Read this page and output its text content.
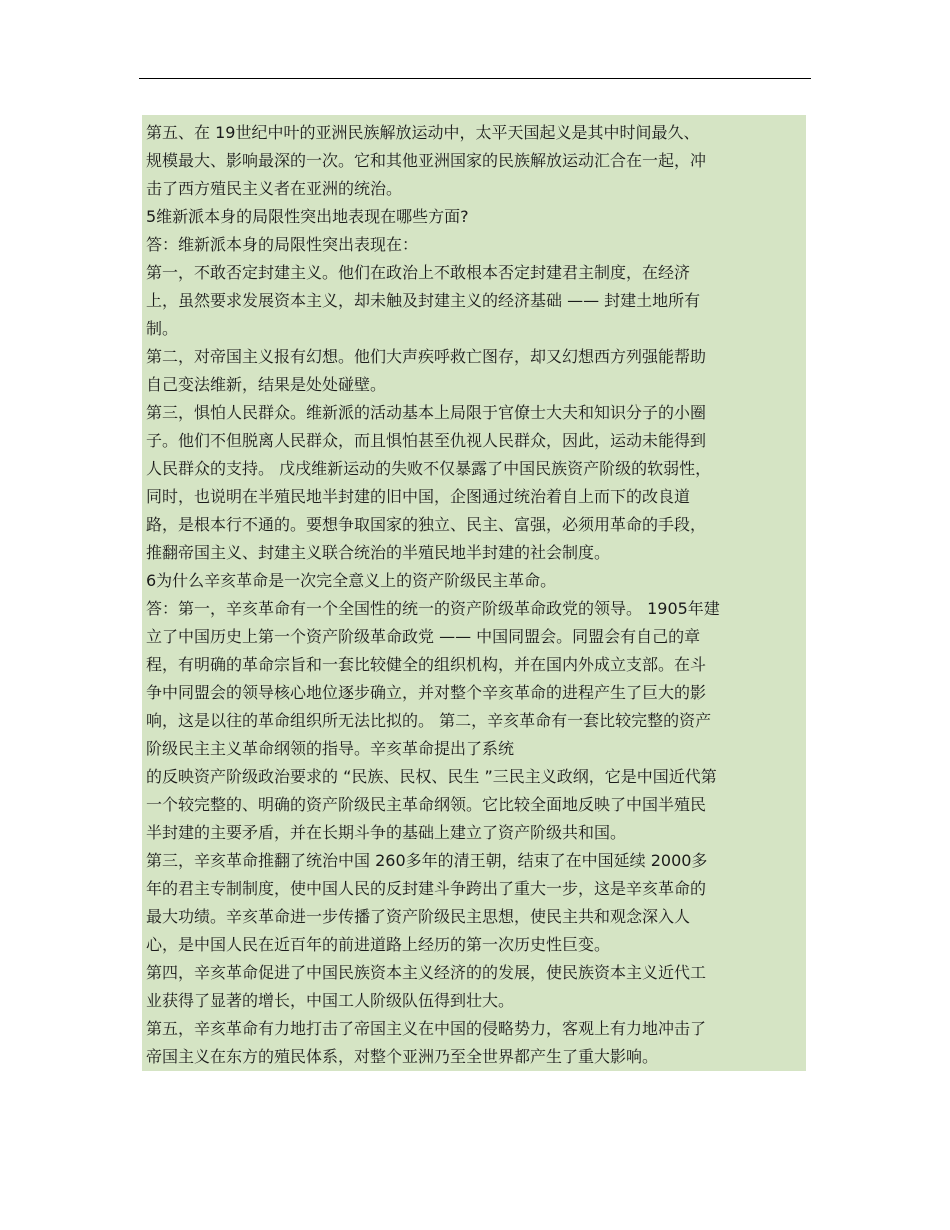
第五、在 19世纪中叶的亚洲民族解放运动中，太平天国起义是其中时间最久、
规模最大、影响最深的一次。它和其他亚洲国家的民族解放运动汇合在一起，冲
击了西方殖民主义者在亚洲的统治。
5维新派本身的局限性突出地表现在哪些方面?
答：维新派本身的局限性突出表现在：
第一，不敢否定封建主义。他们在政治上不敢根本否定封建君主制度，在经济
上，虽然要求发展资本主义，却未触及封建主义的经济基础 —— 封建土地所有
制。
第二，对帝国主义报有幻想。他们大声疾呼救亡图存，却又幻想西方列强能帮助
自己变法维新，结果是处处碰壁。
第三，惧怕人民群众。维新派的活动基本上局限于官僚士大夫和知识分子的小圈
子。他们不但脱离人民群众，而且惧怕甚至仇视人民群众，因此，运动未能得到
人民群众的支持。 戊戌维新运动的失败不仅暴露了中国民族资产阶级的软弱性，
同时，也说明在半殖民地半封建的旧中国，企图通过统治着自上而下的改良道
路，是根本行不通的。要想争取国家的独立、民主、富强，必须用革命的手段，
推翻帝国主义、封建主义联合统治的半殖民地半封建的社会制度。
6为什么辛亥革命是一次完全意义上的资产阶级民主革命。
答：第一，辛亥革命有一个全国性的统一的资产阶级革命政党的领导。 1905年建
立了中国历史上第一个资产阶级革命政党 —— 中国同盟会。同盟会有自己的章
程，有明确的革命宗旨和一套比较健全的组织机构，并在国内外成立支部。在斗
争中同盟会的领导核心地位逐步确立，并对整个辛亥革命的进程产生了巨大的影
响，这是以往的革命组织所无法比拟的。 第二，辛亥革命有一套比较完整的资产
阶级民主主义革命纲领的指导。辛亥革命提出了系统
的反映资产阶级政治要求的 “民族、民权、民生 ”三民主义政纲，它是中国近代第
一个较完整的、明确的资产阶级民主革命纲领。它比较全面地反映了中国半殖民
半封建的主要矛盾，并在长期斗争的基础上建立了资产阶级共和国。
第三，辛亥革命推翻了统治中国 260多年的清王朝，结束了在中国延续 2000多
年的君主专制制度，使中国人民的反封建斗争跨出了重大一步，这是辛亥革命的
最大功绩。辛亥革命进一步传播了资产阶级民主思想，使民主共和观念深入人
心，是中国人民在近百年的前进道路上经历的第一次历史性巨变。
第四，辛亥革命促进了中国民族资本主义经济的的发展，使民族资本主义近代工
业获得了显著的增长，中国工人阶级队伍得到壮大。
第五，辛亥革命有力地打击了帝国主义在中国的侵略势力，客观上有力地冲击了
帝国主义在东方的殖民体系，对整个亚洲乃至全世界都产生了重大影响。
